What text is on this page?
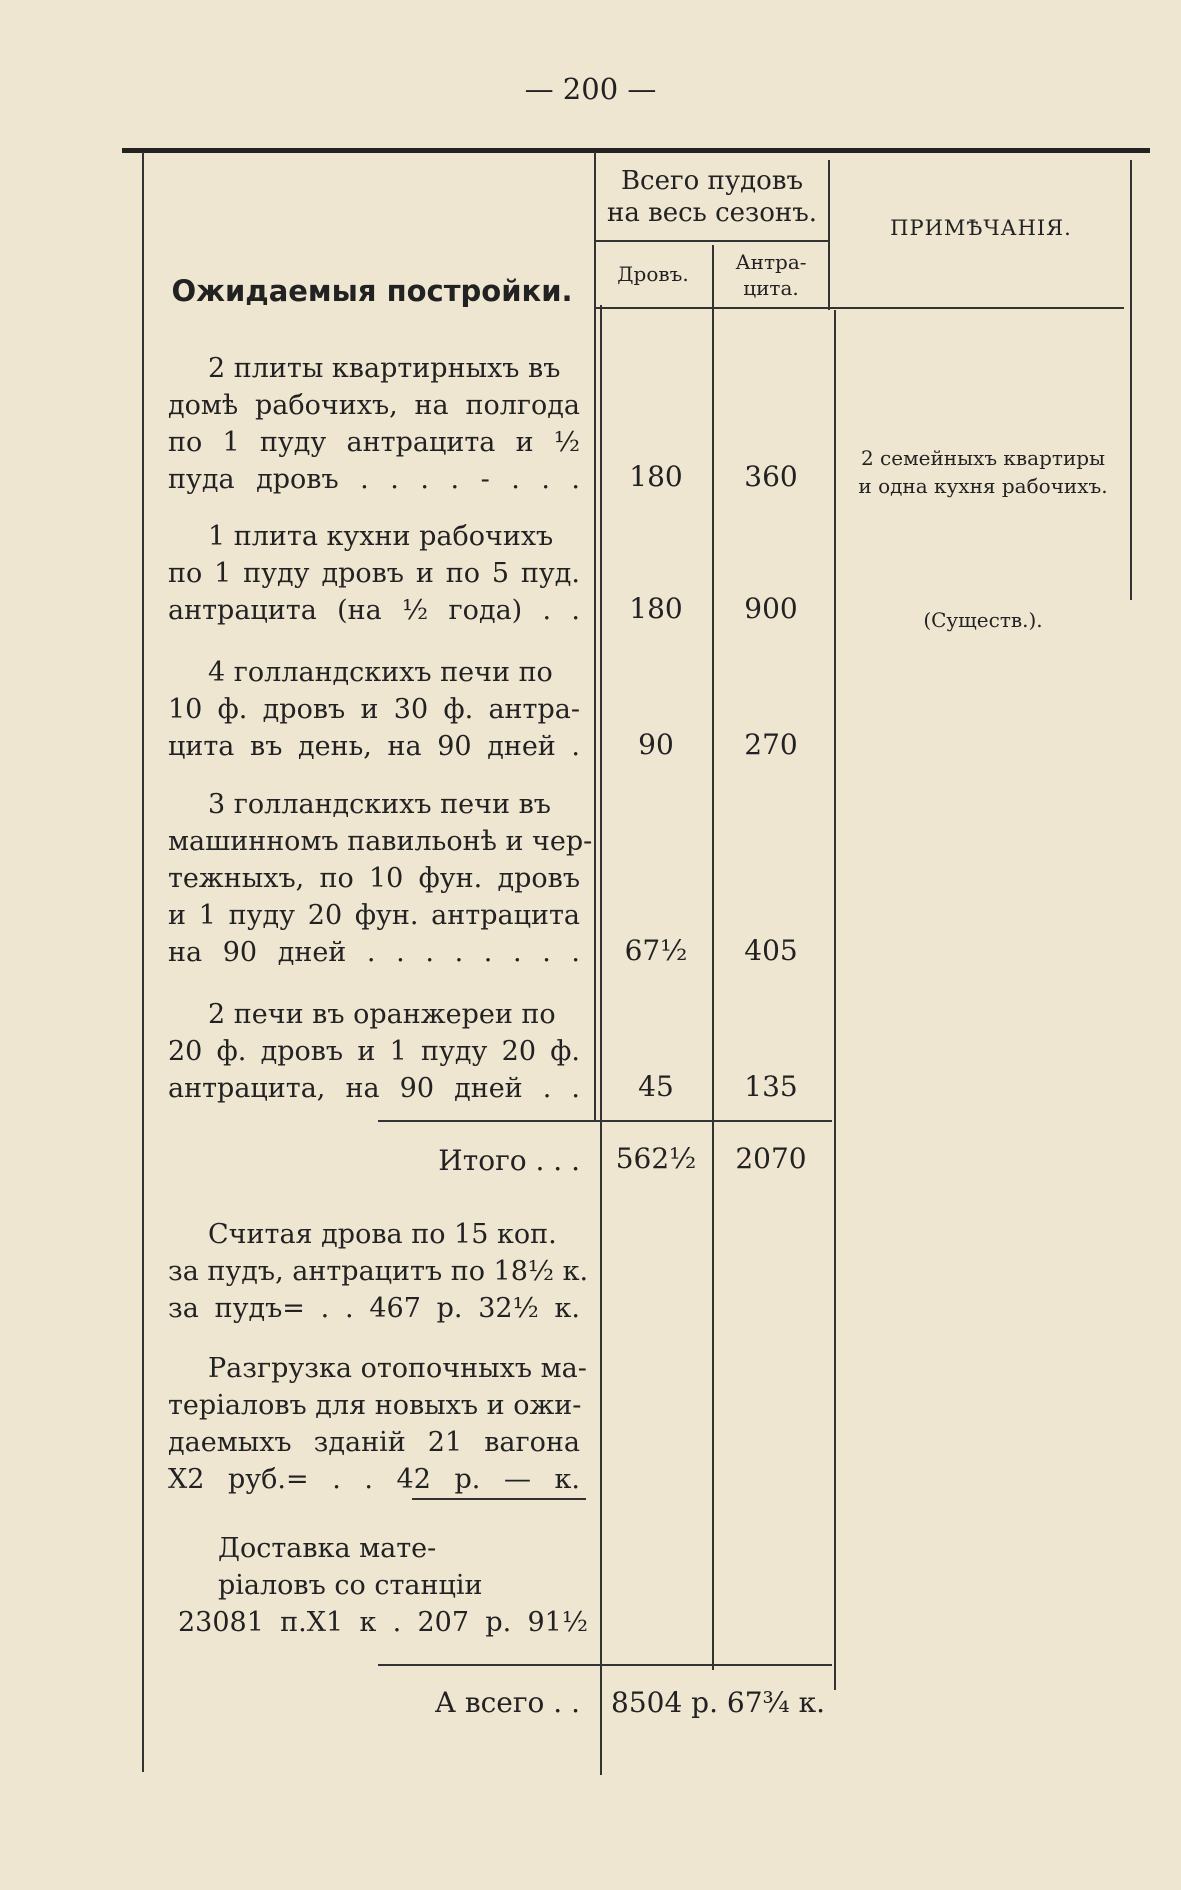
— 200 —
Всего пудовъ
на весь сезонъ.
Дровъ.	Антра-
цита.
ПРИМѢЧАНІЯ.
Ожидаемыя постройки.
2 плиты квартирныхъ въ
домѣ рабочихъ, на полгода
по 1 пуду антрацита и ½
пуда дровъ . . . . - . . .	180	360
2 семейныхъ квартиры
и одна кухня рабочихъ.
1 плита кухни рабочихъ
по 1 пуду дровъ и по 5 пуд.
антрацита (на ½ года) . .	180	900	(Существ.).
4 голландскихъ печи по
10 ф. дровъ и 30 ф. антра-
цита въ день, на 90 дней .	90	270
3 голландскихъ печи въ
машинномъ павильонѣ и чер-
тежныхъ, по 10 фун. дровъ
и 1 пуду 20 фун. антрацита
на 90 дней . . . . . . . .	67½	405
2 печи въ оранжереи по
20 ф. дровъ и 1 пуду 20 ф.
антрацита, на 90 дней . .	45	135
Итого . . .	562½	2070
Считая дрова по 15 коп.
за пудъ, антрацитъ по 18½ к.
за пудъ= . . 467 р. 32½ к.
Разгрузка отопочныхъ ма-
теріаловъ для новыхъ и ожи-
даемыхъ зданій 21 вагона
Х2 руб.= . . 42 р. — к.
Доставка мате-
ріаловъ со станціи
23081 п.Х1 к . 207 р. 91½
А всего . . 8504 р. 67¾ к.
